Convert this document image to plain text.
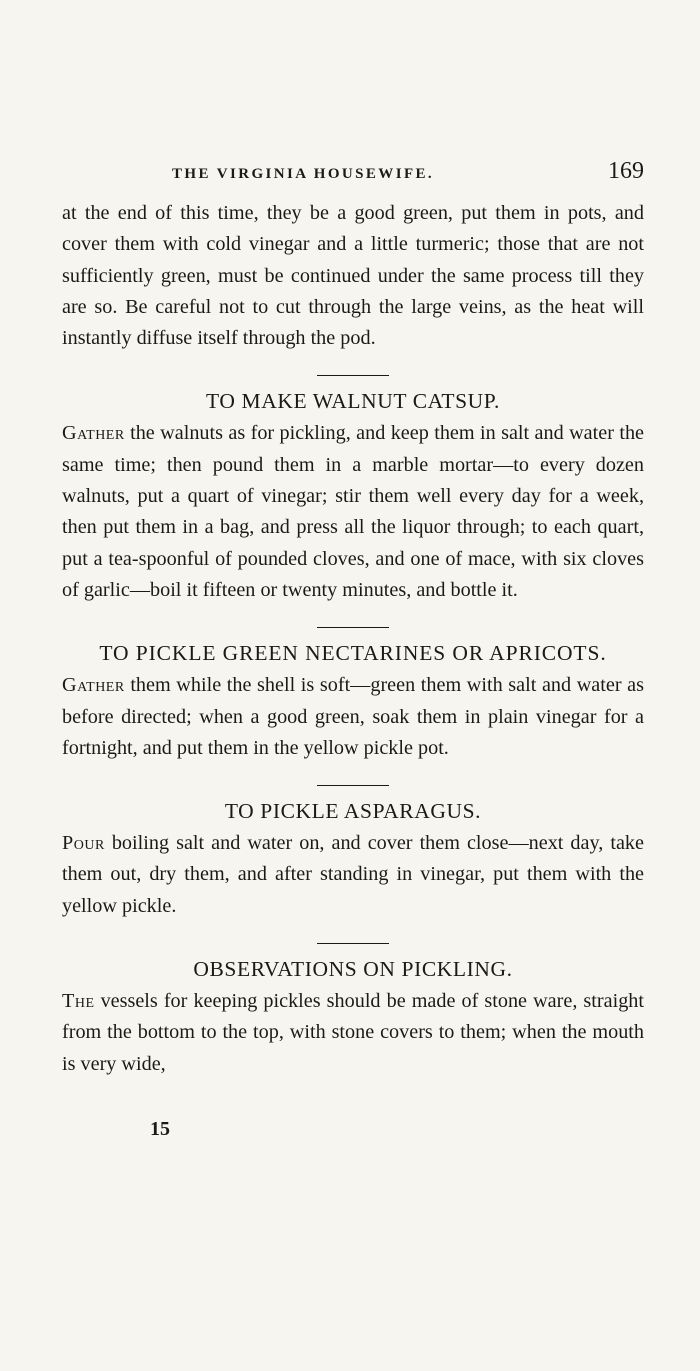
THE VIRGINIA HOUSEWIFE.	169

at the end of this time, they be a good green, put them in pots, and cover them with cold vinegar and a little turmeric; those that are not sufficiently green, must be continued under the same process till they are so. Be careful not to cut through the large veins, as the heat will instantly diffuse itself through the pod.

TO MAKE WALNUT CATSUP.

Gather the walnuts as for pickling, and keep them in salt and water the same time; then pound them in a marble mortar—to every dozen walnuts, put a quart of vinegar; stir them well every day for a week, then put them in a bag, and press all the liquor through; to each quart, put a tea-spoonful of pounded cloves, and one of mace, with six cloves of garlic—boil it fifteen or twenty minutes, and bottle it.

TO PICKLE GREEN NECTARINES OR APRICOTS.

Gather them while the shell is soft—green them with salt and water as before directed; when a good green, soak them in plain vinegar for a fortnight, and put them in the yellow pickle pot.

TO PICKLE ASPARAGUS.

Pour boiling salt and water on, and cover them close—next day, take them out, dry them, and after standing in vinegar, put them with the yellow pickle.

OBSERVATIONS ON PICKLING.

The vessels for keeping pickles should be made of stone ware, straight from the bottom to the top, with stone covers to them; when the mouth is very wide,

15
